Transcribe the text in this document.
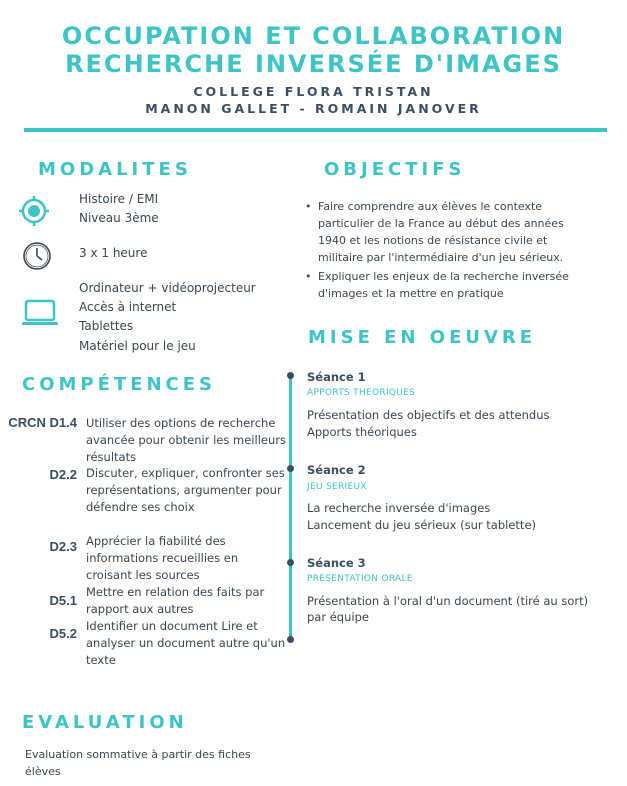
OCCUPATION ET COLLABORATION
RECHERCHE INVERSÉE D'IMAGES
COLLEGE FLORA TRISTAN
MANON GALLET - ROMAIN JANOVER
MODALITES
Histoire / EMI
Niveau 3ème
3 x 1 heure
Ordinateur + vidéoprojecteur
Accès à internet
Tablettes
Matériel pour le jeu
COMPÉTENCES
CRCN D1.4 Utiliser des options de recherche avancée pour obtenir les meilleurs résultats
D2.2 Discuter, expliquer, confronter ses représentations, argumenter pour défendre ses choix
D2.3 Apprécier la fiabilité des informations recueillies en croisant les sources
D5.1
Mettre en relation des faits par rapport aux autres
D5.2 Identifier un document Lire et analyser un document autre qu'un texte
OBJECTIFS
• Faire comprendre aux élèves le contexte particulier de la France au début des années 1940 et les notions de résistance civile et militaire par l'intermédiaire d'un jeu sérieux.
• Expliquer les enjeux de la recherche inversée d'images et la mettre en pratique
MISE EN OEUVRE
Séance 1
APPORTS THEORIQUES
Présentation des objectifs et des attendus
Apports théoriques
Séance 2
JEU SERIEUX
La recherche inversée d'images
Lancement du jeu sérieux (sur tablette)
Séance 3
PRESENTATION ORALE
Présentation à l'oral d'un document (tiré au sort) par équipe
EVALUATION
Evaluation sommative à partir des fiches élèves
